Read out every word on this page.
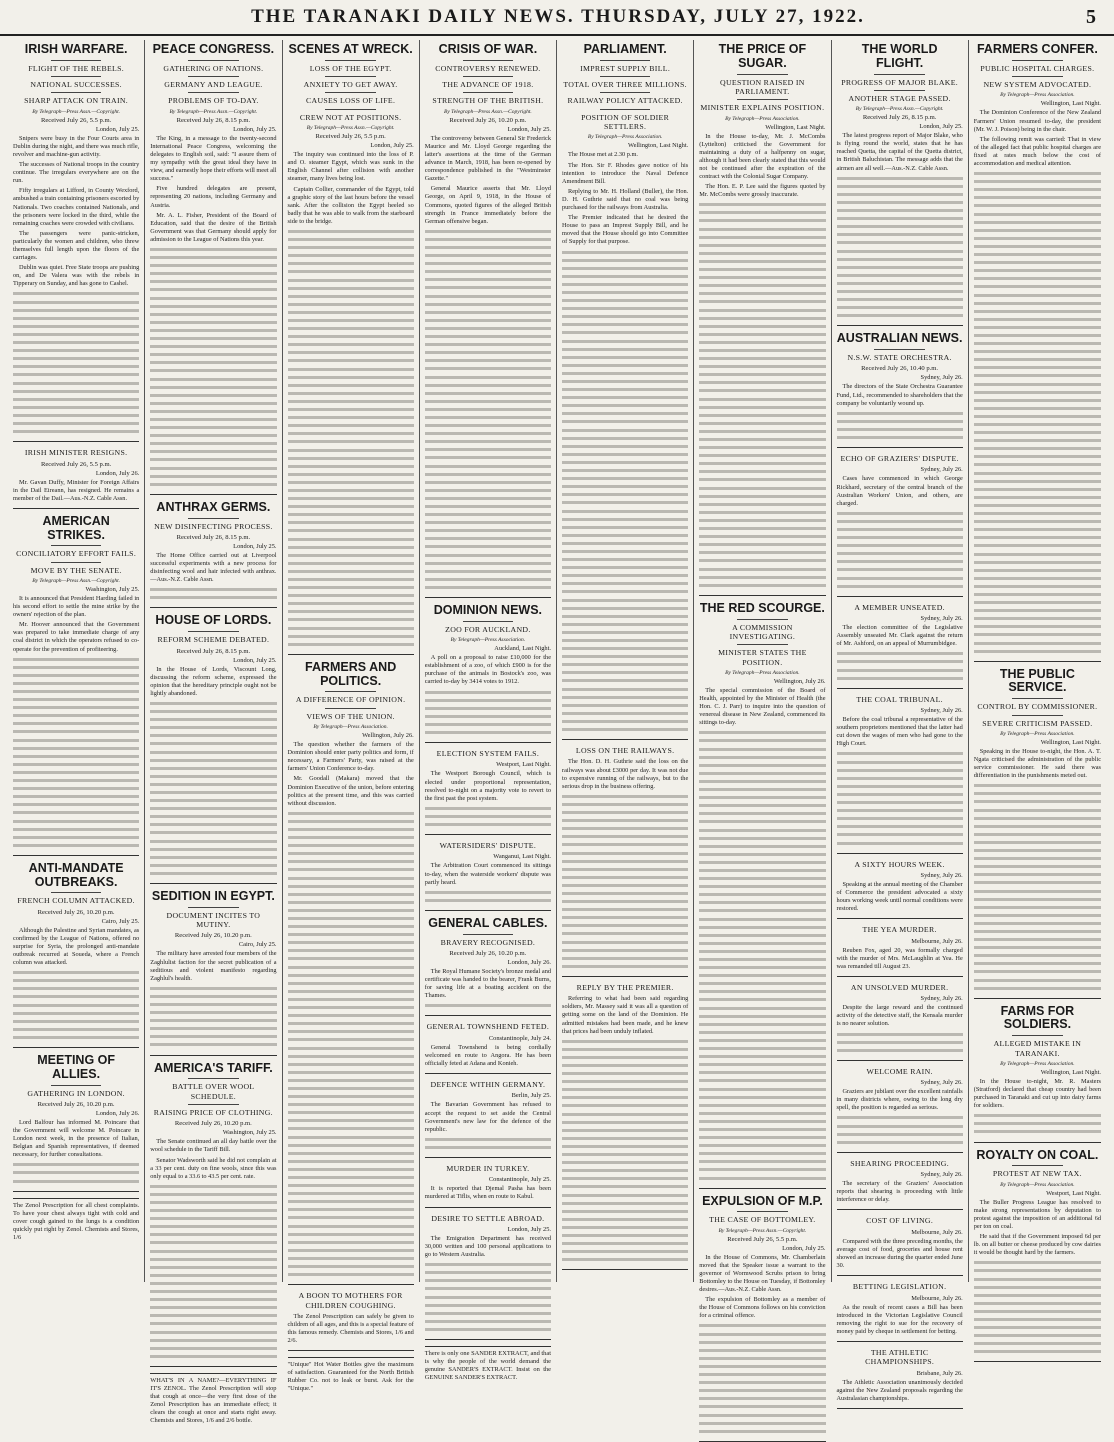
THE TARANAKI DAILY NEWS. THURSDAY, JULY 27, 1922.	5
IRISH WARFARE.
FLIGHT OF THE REBELS.
NATIONAL SUCCESSES.
SHARP ATTACK ON TRAIN.
By Telegraph—Press Assn.—Copyright.
Received July 26, 5.5 p.m.
London, July 25.

Snipers were busy in the Four Courts area in Dublin during the night, and there was much rifle, revolver and machine-gun activity.

The successes of National troops in the country continue. The irregulars everywhere are on the run.

Fifty irregulars at Lifford, in County Wexford, ambushed a train containing prisoners escorted by Nationals. Two coaches contained Nationals, and the prisoners were locked in the third, while the remaining coaches were crowded with civilians.

The passengers were panic-stricken, particularly the women and children, who threw themselves full length upon the floors of the carriages.

Dublin was quiet. Free State troops are pushing on, and De Valera was with the rebels in Tipperary on Sunday, and has gone to Cashel.

IRISH MINISTER RESIGNS.
Received July 26, 5.5 p.m.
London, July 26.

Mr. Gavan Duffy, Minister for Foreign Affairs in the Dail Eireann, has resigned. He remains a member of the Dail.—Aus.-N.Z. Cable Assn.

AMERICAN STRIKES.
CONCILIATORY EFFORT FAILS.
MOVE BY THE SENATE.
By Telegraph—Press Assn.—Copyright.
Washington, July 25.

It is announced that President Harding failed in his second effort to settle the mine strike by the owners' rejection of the plan.

Mr. Hoover announced that the Government was prepared to take immediate charge of any coal district in which the operators refused to co-operate for the prevention of profiteering.

ANTI-MANDATE OUTBREAKS.
FRENCH COLUMN ATTACKED.
Received July 26, 10.20 p.m.
Cairo, July 25.

Although the Palestine and Syrian mandates, as confirmed by the League of Nations, offered no surprise for Syria, the prolonged anti-mandate outbreak recurred at Soueda, where a French column was attacked.

MEETING OF ALLIES.
GATHERING IN LONDON.
Received July 26, 10.20 p.m.
London, July 26.

Lord Balfour has informed M. Poincare that the Government will welcome M. Poincare in London next week, in the presence of Italian, Belgian and Spanish representatives, if deemed necessary, for further consultations.

The Zenol Prescription for all chest complaints. To have your chest always tight with cold and cover cough gained to the lungs is a condition quickly put right by Zenol. Chemists and Stores, 1/6
PEACE CONGRESS.
GATHERING OF NATIONS.
GERMANY AND LEAGUE.
PROBLEMS OF TO-DAY.
By Telegraph—Press Assn.—Copyright.
Received July 26, 8.15 p.m.
London, July 25.

The King, in a message to the twenty-second International Peace Congress, welcoming the delegates to English soil, said: "I assure them of my sympathy with the great ideal they have in view, and earnestly hope their efforts will meet all success."

Five hundred delegates are present, representing 20 nations, including Germany and Austria.

Mr. A. L. Fisher, President of the Board of Education, said that the desire of the British Government was that Germany should apply for admission to the League of Nations this year.

ANTHRAX GERMS.
NEW DISINFECTING PROCESS.
Received July 26, 8.15 p.m.
London, July 25.

The Home Office carried out at Liverpool successful experiments with a new process for disinfecting wool and hair infected with anthrax.—Aus.-N.Z. Cable Assn.

HOUSE OF LORDS.
REFORM SCHEME DEBATED.
Received July 26, 8.15 p.m.
London, July 25.

In the House of Lords, Viscount Long, discussing the reform scheme, expressed the opinion that the hereditary principle ought not be lightly abandoned.

SEDITION IN EGYPT.
DOCUMENT INCITES TO MUTINY.
Received July 26, 10.20 p.m.
Cairo, July 25.

The military have arrested four members of the Zaghlulist faction for the secret publication of a seditious and violent manifesto regarding Zaghlul's health.

AMERICA'S TARIFF.
BATTLE OVER WOOL SCHEDULE.
RAISING PRICE OF CLOTHING.
Received July 26, 10.20 p.m.
Washington, July 25.

The Senate continued an all day battle over the wool schedule in the Tariff Bill.

Senator Wadsworth said he did not complain at a 33 per cent. duty on fine wools, since this was only equal to a 33.6 to 43.5 per cent. rate.

WHAT'S IN A NAME?—EVERYTHING IF IT'S ZENOL. The Zenol Prescription will stop that cough at once—the very first dose of the Zenol Prescription has an immediate effect; it clears the cough at once and starts right away. Chemists and Stores, 1/6 and 2/6 bottle.
SCENES AT WRECK.
LOSS OF THE EGYPT.
ANXIETY TO GET AWAY.
CAUSES LOSS OF LIFE.
CREW NOT AT POSITIONS.
By Telegraph—Press Assn.—Copyright.
Received July 26, 5.5 p.m.
London, July 25.

The inquiry was continued into the loss of P. and O. steamer Egypt, which was sunk in the English Channel after collision with another steamer, many lives being lost.

Captain Collier, commander of the Egypt, told a graphic story of the last hours before the vessel sank. After the collision the Egypt heeled so badly that he was able to walk from the starboard side to the bridge.

FARMERS AND POLITICS.
A DIFFERENCE OF OPINION.
VIEWS OF THE UNION.
By Telegraph—Press Association.
Wellington, July 26.

The question whether the farmers of the Dominion should enter party politics and form, if necessary, a Farmers' Party, was raised at the farmers' Union Conference to-day.

Mr. Goodall (Makara) moved that the Dominion Executive of the union, before entering politics at the present time, and this was carried without discussion.

A BOON TO MOTHERS FOR CHILDREN COUGHING.

The Zenol Prescription can safely be given to children of all ages, and this is a special feature of this famous remedy. Chemists and Stores, 1/6 and 2/6.

"Unique" Hot Water Bottles give the maximum of satisfaction. Guaranteed for the North British Rubber Co. not to leak or burst. Ask for the "Unique."
CRISIS OF WAR.
CONTROVERSY RENEWED.
THE ADVANCE OF 1918.
STRENGTH OF THE BRITISH.
By Telegraph—Press Assn.—Copyright.
Received July 26, 10.20 p.m.
London, July 25.

The controversy between General Sir Frederick Maurice and Mr. Lloyd George regarding the latter's assertions at the time of the German advance in March, 1918, has been re-opened by correspondence published in the "Westminster Gazette."

General Maurice asserts that Mr. Lloyd George, on April 9, 1918, in the House of Commons, quoted figures of the alleged British strength in France immediately before the German offensive began.

DOMINION NEWS.
ZOO FOR AUCKLAND.
By Telegraph—Press Association.
Auckland, Last Night.

A poll on a proposal to raise £10,000 for the establishment of a zoo, of which £900 is for the purchase of the animals in Bostock's zoo, was carried to-day by 3414 votes to 1912.

ELECTION SYSTEM FAILS.
Westport, Last Night.

The Westport Borough Council, which is elected under proportional representation, resolved to-night on a majority vote to revert to the first past the post system.

WATERSIDERS' DISPUTE.
Wanganui, Last Night.

The Arbitration Court commenced its sittings to-day, when the waterside workers' dispute was partly heard.

GENERAL CABLES.
BRAVERY RECOGNISED.
Received July 26, 10.20 p.m.
London, July 26.

The Royal Humane Society's bronze medal and certificate was handed to the bearer, Frank Burns, for saving life at a boating accident on the Thames.

GENERAL TOWNSHEND FETED.
Constantinople, July 24.

General Townshend is being cordially welcomed en route to Angora. He has been officially feted at Adana and Konieh.

DEFENCE WITHIN GERMANY.
Berlin, July 25.

The Bavarian Government has refused to accept the request to set aside the Central Government's new law for the defence of the republic.

MURDER IN TURKEY.
Constantinople, July 25.

It is reported that Djemal Pasha has been murdered at Tiflis, when en route to Kabul.

DESIRE TO SETTLE ABROAD.
London, July 25.

The Emigration Department has received 30,000 written and 100 personal applications to go to Western Australia.

There is only one SANDER EXTRACT, and that is why the people of the world demand the genuine SANDER'S EXTRACT. Insist on the GENUINE SANDER'S EXTRACT.
PARLIAMENT.
IMPREST SUPPLY BILL.
TOTAL OVER THREE MILLIONS.
RAILWAY POLICY ATTACKED.
POSITION OF SOLDIER SETTLERS.
By Telegraph—Press Association.
Wellington, Last Night.

The House met at 2.30 p.m.

The Hon. Sir F. Rhodes gave notice of his intention to introduce the Naval Defence Amendment Bill.

Replying to Mr. H. Holland (Buller), the Hon. D. H. Guthrie said that no coal was being purchased for the railways from Australia.

The Premier indicated that he desired the House to pass an Imprest Supply Bill, and he moved that the House should go into Committee of Supply for that purpose.

LOSS ON THE RAILWAYS.

The Hon. D. H. Guthrie said the loss on the railways was about £3000 per day. It was not due to expensive running of the railways, but to the serious drop in the business offering.

REPLY BY THE PREMIER.

Referring to what had been said regarding soldiers, Mr. Massey said it was all a question of getting some on the land of the Dominion. He admitted mistakes had been made, and he knew that prices had been unduly inflated.

THE PRICE OF SUGAR.
QUESTION RAISED IN PARLIAMENT.
MINISTER EXPLAINS POSITION.
By Telegraph—Press Association.
Wellington, Last Night.

In the House to-day, Mr. J. McCombs (Lyttelton) criticised the Government for maintaining a duty of a halfpenny on sugar, although it had been clearly stated that this would not be continued after the expiration of the contract with the Colonial Sugar Company.

The Hon. E. P. Lee said the figures quoted by Mr. McCombs were grossly inaccurate.

THE RED SCOURGE.
A COMMISSION INVESTIGATING.
MINISTER STATES THE POSITION.
By Telegraph—Press Association.
Wellington, July 26.

The special commission of the Board of Health, appointed by the Minister of Health (the Hon. C. J. Parr) to inquire into the question of venereal disease in New Zealand, commenced its sittings to-day.

EXPULSION OF M.P.
THE CASE OF BOTTOMLEY.
By Telegraph—Press Assn.—Copyright.
Received July 26, 5.5 p.m.
London, July 25.

In the House of Commons, Mr. Chamberlain moved that the Speaker issue a warrant to the governor of Wormwood Scrubs prison to bring Bottomley to the House on Tuesday, if Bottomley desires.—Aus.-N.Z. Cable Assn.

The expulsion of Bottomley as a member of the House of Commons follows on his conviction for a criminal offence.

THE WORLD FLIGHT.
PROGRESS OF MAJOR BLAKE.
ANOTHER STAGE PASSED.
By Telegraph—Press Assn.—Copyright.
Received July 26, 8.15 p.m.
London, July 25.

The latest progress report of Major Blake, who is flying round the world, states that he has reached Quetta, the capital of the Quetta district, in British Baluchistan. The message adds that the airmen are all well.—Aus.-N.Z. Cable Assn.

AUSTRALIAN NEWS.
N.S.W. STATE ORCHESTRA.
Received July 26, 10.40 p.m.
Sydney, July 26.

The directors of the State Orchestra Guarantee Fund, Ltd., recommended to shareholders that the company be voluntarily wound up.

ECHO OF GRAZIERS' DISPUTE.
Sydney, July 26.

Cases have commenced in which George Rickhard, secretary of the central branch of the Australian Workers' Union, and others, are charged.

A MEMBER UNSEATED.
Sydney, July 26.

The election committee of the Legislative Assembly unseated Mr. Clark against the return of Mr. Ashford, on an appeal of Murrumbidgee.

THE COAL TRIBUNAL.
Sydney, July 26.

Before the coal tribunal a representative of the southern proprietors mentioned that the latter had cut down the wages of men who had gone to the High Court.

A SIXTY HOURS WEEK.
Sydney, July 26.

Speaking at the annual meeting of the Chamber of Commerce the president advocated a sixty hours working week until normal conditions were restored.

THE YEA MURDER.
Melbourne, July 26.

Reuben Fox, aged 20, was formally charged with the murder of Mrs. McLaughlin at Yea. He was remanded till August 23.

AN UNSOLVED MURDER.
Sydney, July 26.

Despite the large reward and the continued activity of the detective staff, the Kensala murder is no nearer solution.

WELCOME RAIN.
Sydney, July 26.

Graziers are jubilant over the excellent rainfalls in many districts where, owing to the long dry spell, the position is regarded as serious.

SHEARING PROCEEDING.
Sydney, July 26.

The secretary of the Graziers' Association reports that shearing is proceeding with little interference or delay.

COST OF LIVING.
Melbourne, July 26.

Compared with the three preceding months, the average cost of food, groceries and house rent showed an increase during the quarter ended June 30.

BETTING LEGISLATION.
Melbourne, July 26.

As the result of recent cases a Bill has been introduced in the Victorian Legislative Council removing the right to sue for the recovery of money paid by cheque in settlement for betting.

THE ATHLETIC CHAMPIONSHIPS.
Brisbane, July 26.

The Athletic Association unanimously decided against the New Zealand proposals regarding the Australasian championships.

FARMERS CONFER.
PUBLIC HOSPITAL CHARGES.
NEW SYSTEM ADVOCATED.
By Telegraph—Press Association.
Wellington, Last Night.

The Dominion Conference of the New Zealand Farmers' Union resumed to-day, the president (Mr. W. J. Poison) being in the chair.

The following remit was carried: That in view of the alleged fact that public hospital charges are fixed at rates much below the cost of accommodation and medical attention.

THE PUBLIC SERVICE.
CONTROL BY COMMISSIONER.
SEVERE CRITICISM PASSED.
By Telegraph—Press Association.
Wellington, Last Night.

Speaking in the House to-night, the Hon. A. T. Ngata criticised the administration of the public service commissioner. He said there was differentiation in the punishments meted out.

FARMS FOR SOLDIERS.
ALLEGED MISTAKE IN TARANAKI.
By Telegraph—Press Association.
Wellington, Last Night.

In the House to-night, Mr. R. Masters (Stratford) declared that cheap country had been purchased in Taranaki and cut up into dairy farms for soldiers.

ROYALTY ON COAL.
PROTEST AT NEW TAX.
By Telegraph—Press Association.
Westport, Last Night.

The Buller Progress League has resolved to make strong representations by deputation to protest against the imposition of an additional 6d per ton on coal.

He said that if the Government imposed 6d per lb. on all butter or cheese produced by cow dairies it would be thought hard by the farmers.
